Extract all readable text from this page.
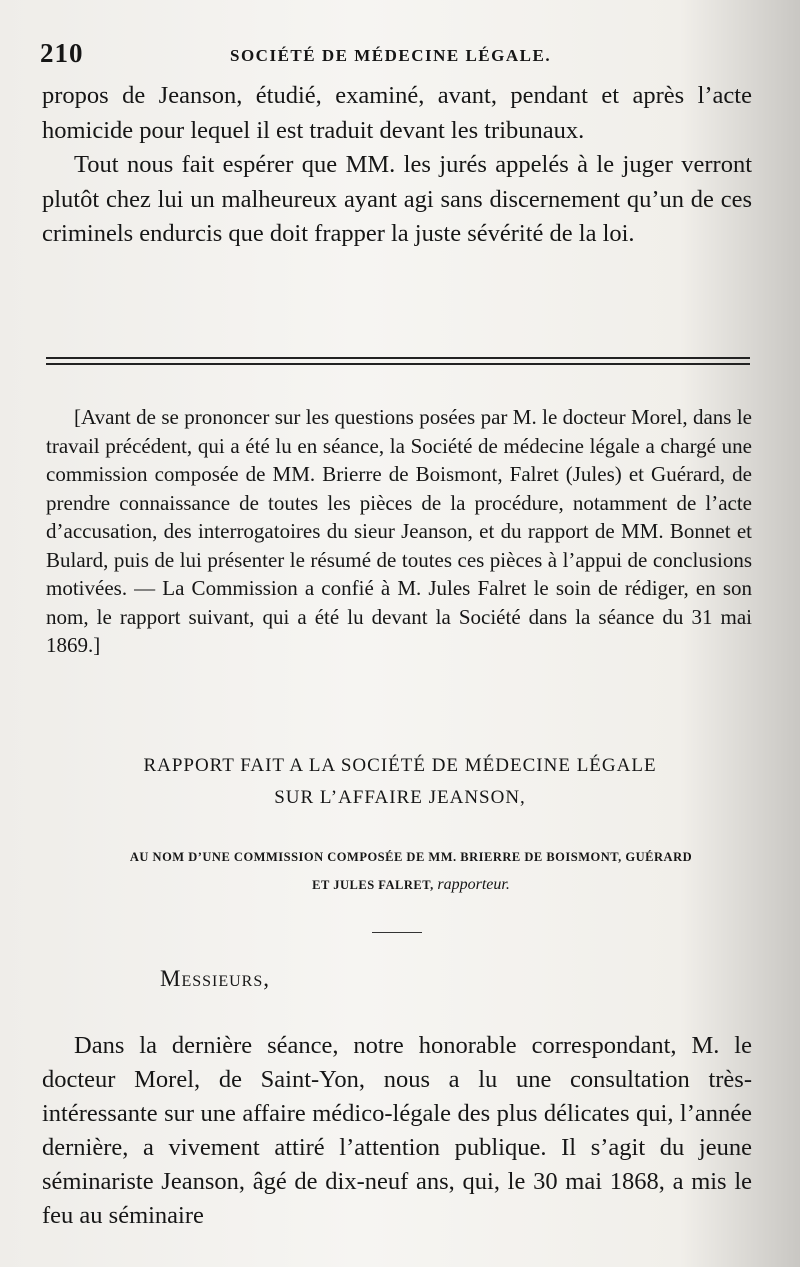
210	SOCIÉTÉ DE MÉDECINE LÉGALE.

propos de Jeanson, étudié, examiné, avant, pendant et après l’acte homicide pour lequel il est traduit devant les tribunaux.

Tout nous fait espérer que MM. les jurés appelés à le juger verront plutôt chez lui un malheureux ayant agi sans discernement qu’un de ces criminels endurcis que doit frapper la juste sévérité de la loi.

[Avant de se prononcer sur les questions posées par M. le docteur Morel, dans le travail précédent, qui a été lu en séance, la Société de médecine légale a chargé une commission composée de MM. Brierre de Boismont, Falret (Jules) et Guérard, de prendre connaissance de toutes les pièces de la procédure, notamment de l’acte d’accusation, des interrogatoires du sieur Jeanson, et du rapport de MM. Bonnet et Bulard, puis de lui présenter le résumé de toutes ces pièces à l’appui de conclusions motivées. — La Commission a confié à M. Jules Falret le soin de rédiger, en son nom, le rapport suivant, qui a été lu devant la Société dans la séance du 31 mai 1869.]

RAPPORT FAIT A LA SOCIÉTÉ DE MÉDECINE LÉGALE
SUR L’AFFAIRE JEANSON,
AU NOM D’UNE COMMISSION COMPOSÉE DE MM. BRIERRE DE BOISMONT, GUÉRARD
ET JULES FALRET, rapporteur.
Messieurs,

Dans la dernière séance, notre honorable correspondant, M. le docteur Morel, de Saint-Yon, nous a lu une consultation très-intéressante sur une affaire médico-légale des plus délicates qui, l’année dernière, a vivement attiré l’attention publique. Il s’agit du jeune séminariste Jeanson, âgé de dix-neuf ans, qui, le 30 mai 1868, a mis le feu au séminaire
